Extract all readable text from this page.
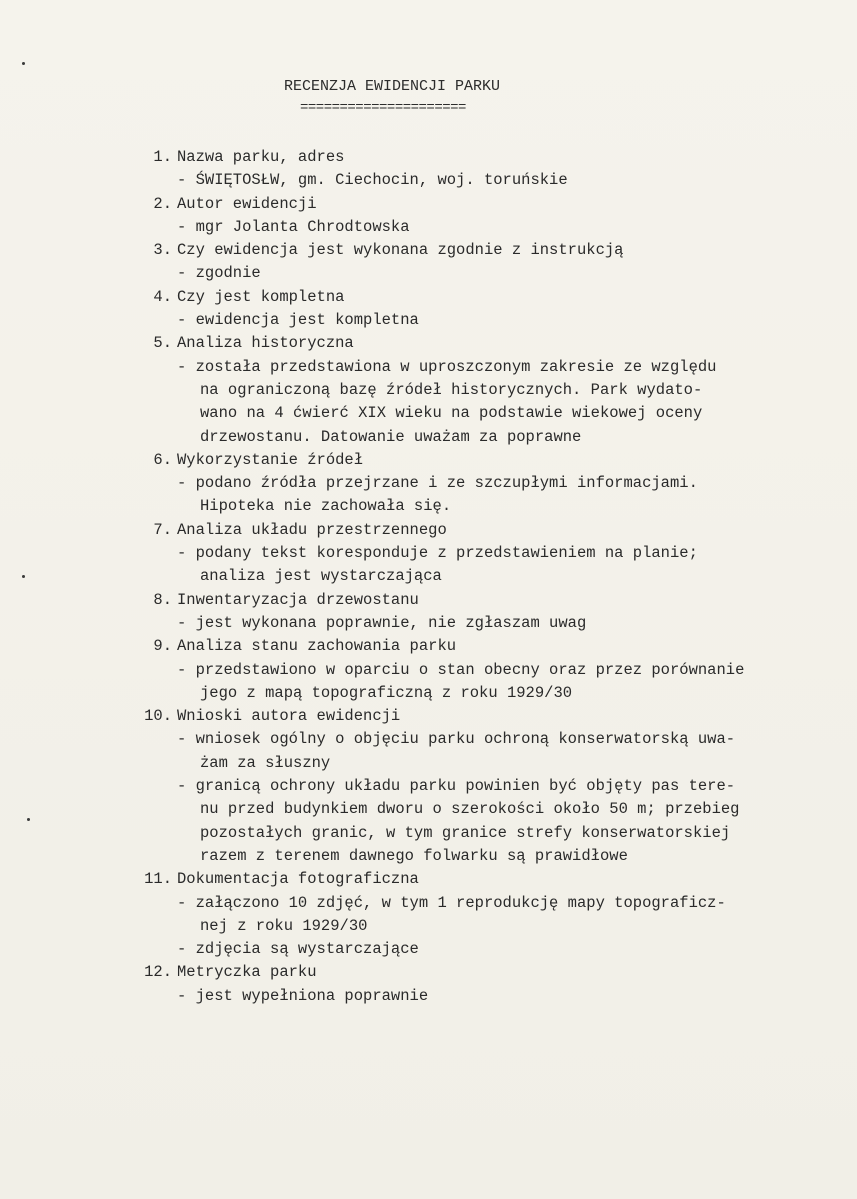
RECENZJA EWIDENCJI PARKU
=====================
1. Nazwa parku, adres
- ŚWIĘTOSŁW, gm. Ciechocin, woj. toruńskie
2. Autor ewidencji
- mgr Jolanta Chrodtowska
3. Czy ewidencja jest wykonana zgodnie z instrukcją
- zgodnie
4. Czy jest kompletna
- ewidencja jest kompletna
5. Analiza historyczna
- została przedstawiona w uproszczonym zakresie ze względu
na ograniczoną bazę źródeł historycznych. Park wydato-
wano na 4 ćwierć XIX wieku na podstawie wiekowej oceny
drzewostanu. Datowanie uważam za poprawne
6. Wykorzystanie źródeł
- podano źródła przejrzane i ze szczupłymi informacjami.
Hipoteka nie zachowała się.
7. Analiza układu przestrzennego
- podany tekst koresponduje z przedstawieniem na planie;
analiza jest wystarczająca
8. Inwentaryzacja drzewostanu
- jest wykonana poprawnie, nie zgłaszam uwag
9. Analiza stanu zachowania parku
- przedstawiono w oparciu o stan obecny oraz przez porównanie
jego z mapą topograficzną z roku 1929/30
10. Wnioski autora ewidencji
- wniosek ogólny o objęciu parku ochroną konserwatorską uwa-
żam za słuszny
- granicą ochrony układu parku powinien być objęty pas tere-
nu przed budynkiem dworu o szerokości około 50 m; przebieg
pozostałych granic, w tym granice strefy konserwatorskiej
razem z terenem dawnego folwarku są prawidłowe
11. Dokumentacja fotograficzna
- załączono 10 zdjęć, w tym 1 reprodukcję mapy topograficz-
nej z roku 1929/30
- zdjęcia są wystarczające
12. Metryczka parku
- jest wypełniona poprawnie
